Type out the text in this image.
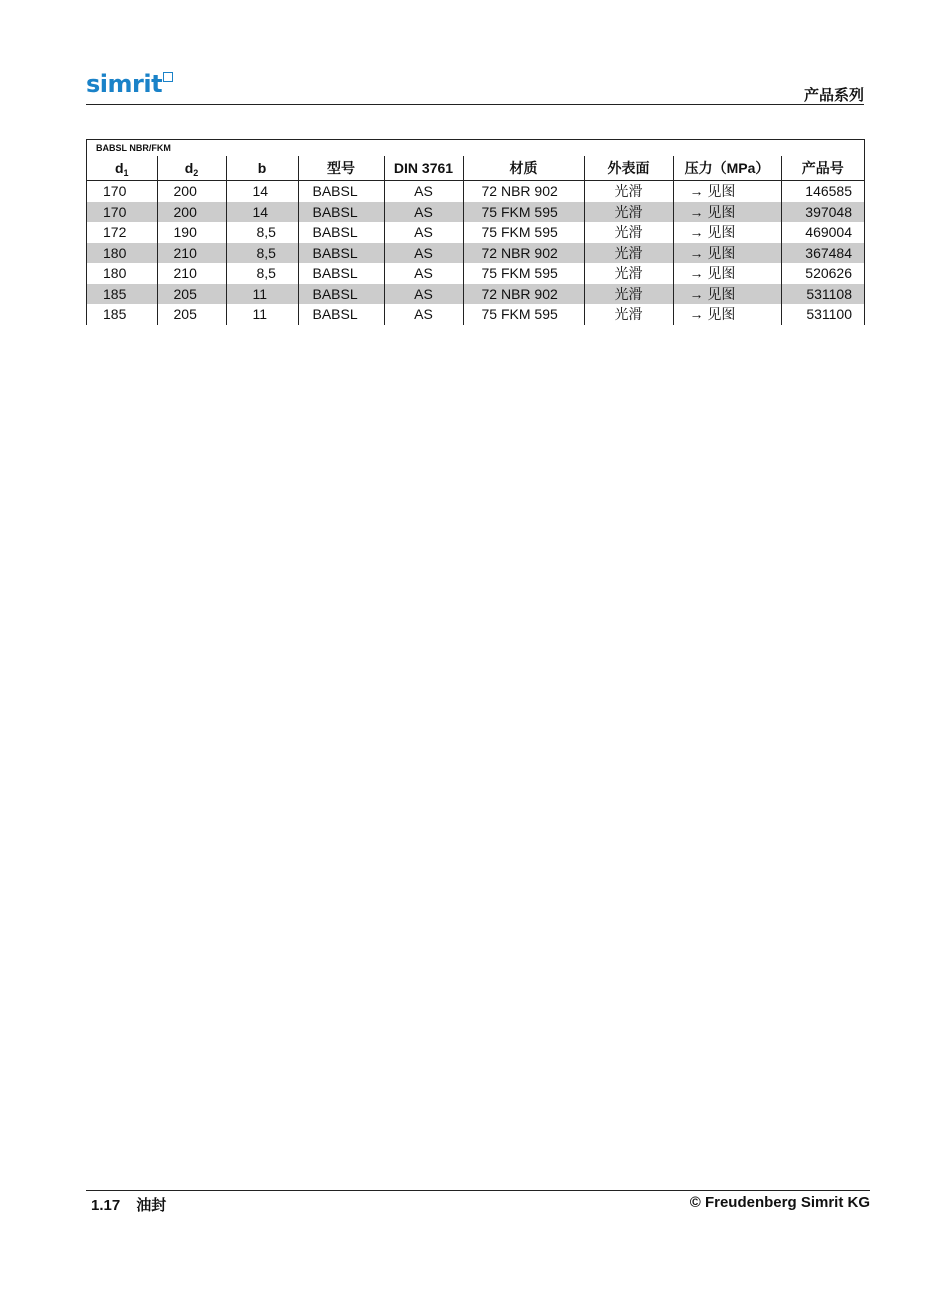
simrit	产品系列
BABSL NBR/FKM
$d_1$	$d_2$	b	型号	DIN 3761	材质	外表面	压力（MPa）	产品号
170	200	14	BABSL	AS	72 NBR 902	光滑	→ 见图	146585
170	200	14	BABSL	AS	75 FKM 595	光滑	→ 见图	397048
172	190	8,5	BABSL	AS	75 FKM 595	光滑	→ 见图	469004
180	210	8,5	BABSL	AS	72 NBR 902	光滑	→ 见图	367484
180	210	8,5	BABSL	AS	75 FKM 595	光滑	→ 见图	520626
185	205	11	BABSL	AS	72 NBR 902	光滑	→ 见图	531108
185	205	11	BABSL	AS	75 FKM 595	光滑	→ 见图	531100
1.17 油封	© Freudenberg Simrit KG
